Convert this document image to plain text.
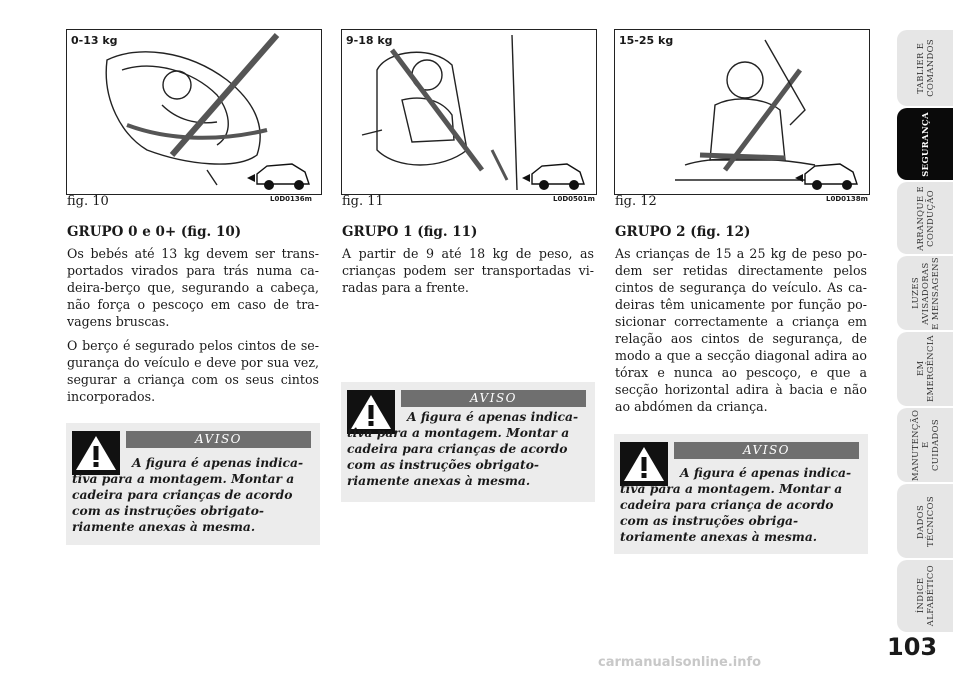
0-13 kg
fig. 10	L0D0136m
9-18 kg
fig. 11	L0D0501m
15-25 kg
fig. 12	L0D0138m
GRUPO 0 e 0+ (fig. 10)

Os bebés até 13 kg devem ser trans-portados virados para trás numa ca-deira-berço que, segurando a cabeça, não força o pescoço em caso de tra-vagens bruscas.

O berço é segurado pelos cintos de se-gurança do veículo e deve por sua vez, segurar a criança com os seus cintos incorporados.

GRUPO 1 (fig. 11)

A partir de 9 até 18 kg de peso, as crianças podem ser transportadas vi-radas para a frente.

GRUPO 2 (fig. 12)

As crianças de 15 a 25 kg de peso po-dem ser retidas directamente pelos cintos de segurança do veículo. As ca-deiras têm unicamente por função po-sicionar correctamente a criança em relação aos cintos de segurança, de modo a que a secção diagonal adira ao tórax e nunca ao pescoço, e que a secção horizontal adira à bacia e não ao abdómen da criança.

AVISO
A figura é apenas indica-tiva para a montagem. Montar a cadeira para crianças de acordo com as instruções obrigato-riamente anexas à mesma.
AVISO
A figura é apenas indica-tiva para a montagem. Montar a cadeira para crianças de acordo com as instruções obrigato-riamente anexas à mesma.
AVISO
A figura é apenas indica-tiva para a montagem. Montar a cadeira para criança de acordo com as instruções obriga-toriamente anexas à mesma.
TABLIER E
COMANDOS
SEGURANÇA
ARRANQUE E
CONDUÇÃO
LUZES
AVISADORAS
E MENSAGENS
EM
EMERGÊNCIA
MANUTENÇÃO E
CUIDADOS
DADOS
TÉCNICOS
ÍNDICE
ALFABÉTICO
103
carmanualsonline.info
